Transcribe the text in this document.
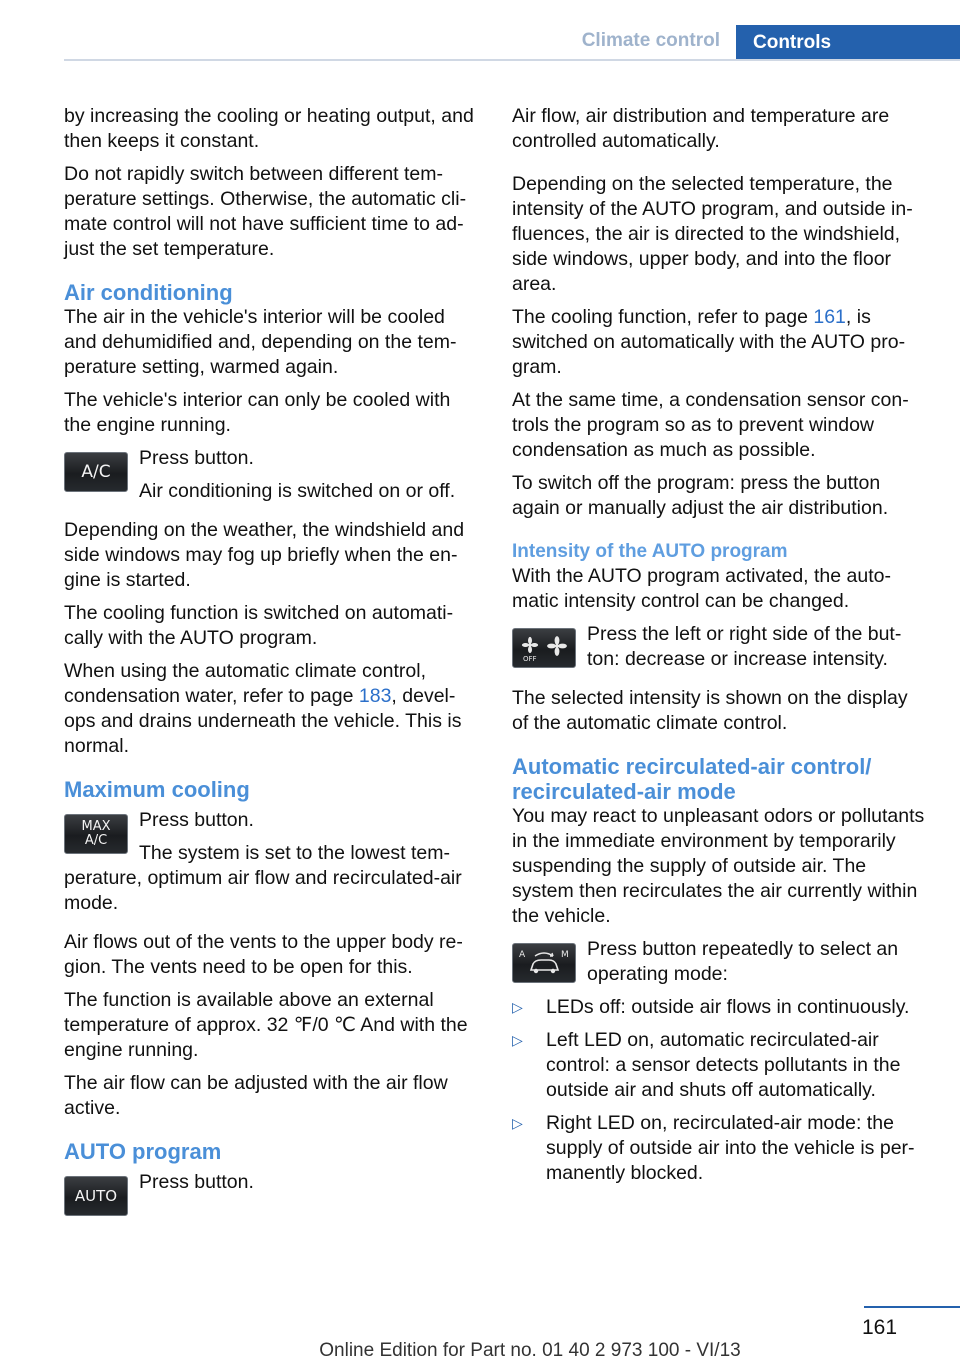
Climate control	Controls

by increasing the cooling or heating output, and then keeps it constant.

Do not rapidly switch between different temperature settings. Otherwise, the automatic climate control will not have sufficient time to adjust the set temperature.

Air conditioning

The air in the vehicle's interior will be cooled and dehumidified and, depending on the temperature setting, warmed again.

The vehicle's interior can only be cooled with the engine running.

A/C

Press button.

Air conditioning is switched on or off.

Depending on the weather, the windshield and side windows may fog up briefly when the engine is started.

The cooling function is switched on automatically with the AUTO program.

When using the automatic climate control, condensation water, refer to page 183, develops and drains underneath the vehicle. This is normal.

Maximum cooling
MAX
A/C

Press button.

The system is set to the lowest temperature, optimum air flow and recirculated-air mode.

Air flows out of the vents to the upper body region. The vents need to be open for this.

The function is available above an external temperature of approx. 32 ℉/0 ℃ And with the engine running.

The air flow can be adjusted with the air flow active.

AUTO program
AUTO

Press button.

Air flow, air distribution and temperature are controlled automatically.

Depending on the selected temperature, the intensity of the AUTO program, and outside influences, the air is directed to the windshield, side windows, upper body, and into the floor area.

The cooling function, refer to page 161, is switched on automatically with the AUTO program.

At the same time, a condensation sensor controls the program so as to prevent window condensation as much as possible.

To switch off the program: press the button again or manually adjust the air distribution.

Intensity of the AUTO program

With the AUTO program activated, the automatic intensity control can be changed.

OFF

Press the left or right side of the button: decrease or increase intensity.

The selected intensity is shown on the display of the automatic climate control.

Automatic recirculated-air control/ recirculated-air mode

You may react to unpleasant odors or pollutants in the immediate environment by temporarily suspending the supply of outside air. The system then recirculates the air currently within the vehicle.

A	M Press button repeatedly to select an operating mode:

▷ LEDs off: outside air flows in continuously.
▷ Left LED on, automatic recirculated-air control: a sensor detects pollutants in the outside air and shuts off automatically.
▷ Right LED on, recirculated-air mode: the supply of outside air into the vehicle is permanently blocked.
161
Online Edition for Part no. 01 40 2 973 100 - VI/13
